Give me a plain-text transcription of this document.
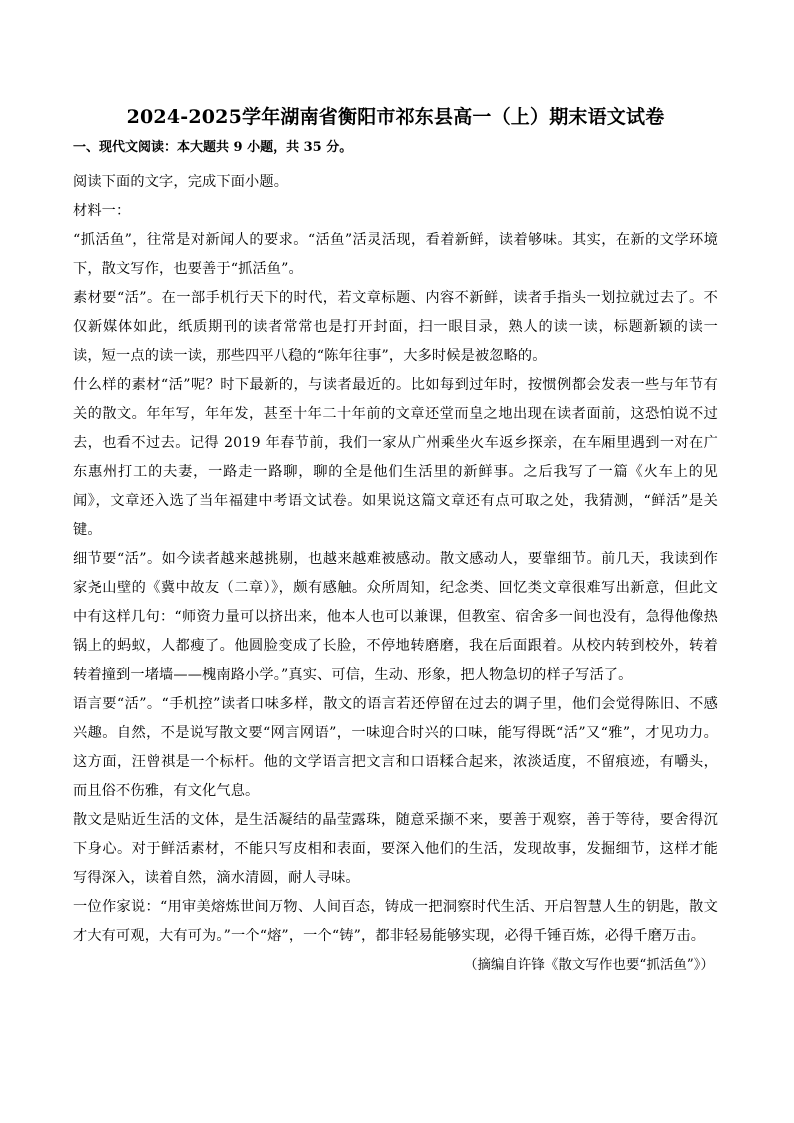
2024-2025学年湖南省衡阳市祁东县高一（上）期末语文试卷
一、现代文阅读：本大题共 9 小题，共 35 分。

阅读下面的文字，完成下面小题。

材料一：

“抓活鱼”，往常是对新闻人的要求。“活鱼”活灵活现，看着新鲜，读着够味。其实，在新的文学环境下，散文写作，也要善于“抓活鱼”。

素材要“活”。在一部手机行天下的时代，若文章标题、内容不新鲜，读者手指头一划拉就过去了。不仅新媒体如此，纸质期刊的读者常常也是打开封面，扫一眼目录，熟人的读一读，标题新颖的读一读，短一点的读一读，那些四平八稳的“陈年往事”，大多时候是被忽略的。

什么样的素材“活”呢？时下最新的，与读者最近的。比如每到过年时，按惯例都会发表一些与年节有关的散文。年年写，年年发，甚至十年二十年前的文章还堂而皇之地出现在读者面前，这恐怕说不过去，也看不过去。记得 2019 年春节前，我们一家从广州乘坐火车返乡探亲，在车厢里遇到一对在广东惠州打工的夫妻，一路走一路聊，聊的全是他们生活里的新鲜事。之后我写了一篇《火车上的见闻》，文章还入选了当年福建中考语文试卷。如果说这篇文章还有点可取之处，我猜测，“鲜活”是关键。

细节要“活”。如今读者越来越挑剔，也越来越难被感动。散文感动人，要靠细节。前几天，我读到作家尧山壁的《冀中故友（二章）》，颇有感触。众所周知，纪念类、回忆类文章很难写出新意，但此文中有这样几句：“师资力量可以挤出来，他本人也可以兼课，但教室、宿舍多一间也没有，急得他像热锅上的蚂蚁，人都瘦了。他圆脸变成了长脸，不停地转磨磨，我在后面跟着。从校内转到校外，转着转着撞到一堵墙——槐南路小学。”真实、可信，生动、形象，把人物急切的样子写活了。

语言要“活”。“手机控”读者口味多样，散文的语言若还停留在过去的调子里，他们会觉得陈旧、不感兴趣。自然，不是说写散文要“网言网语”，一味迎合时兴的口味，能写得既“活”又“雅”，才见功力。这方面，汪曾祺是一个标杆。他的文学语言把文言和口语糅合起来，浓淡适度，不留痕迹，有嚼头，而且俗不伤雅，有文化气息。

散文是贴近生活的文体，是生活凝结的晶莹露珠，随意采撷不来，要善于观察，善于等待，要舍得沉下身心。对于鲜活素材，不能只写皮相和表面，要深入他们的生活，发现故事，发掘细节，这样才能写得深入，读着自然，滴水清圆，耐人寻味。

一位作家说：“用审美熔炼世间万物、人间百态，铸成一把洞察时代生活、开启智慧人生的钥匙，散文才大有可观，大有可为。”一个“熔”，一个“铸”，都非轻易能够实现，必得千锤百炼，必得千磨万击。

（摘编自许锋《散文写作也要“抓活鱼”》）
